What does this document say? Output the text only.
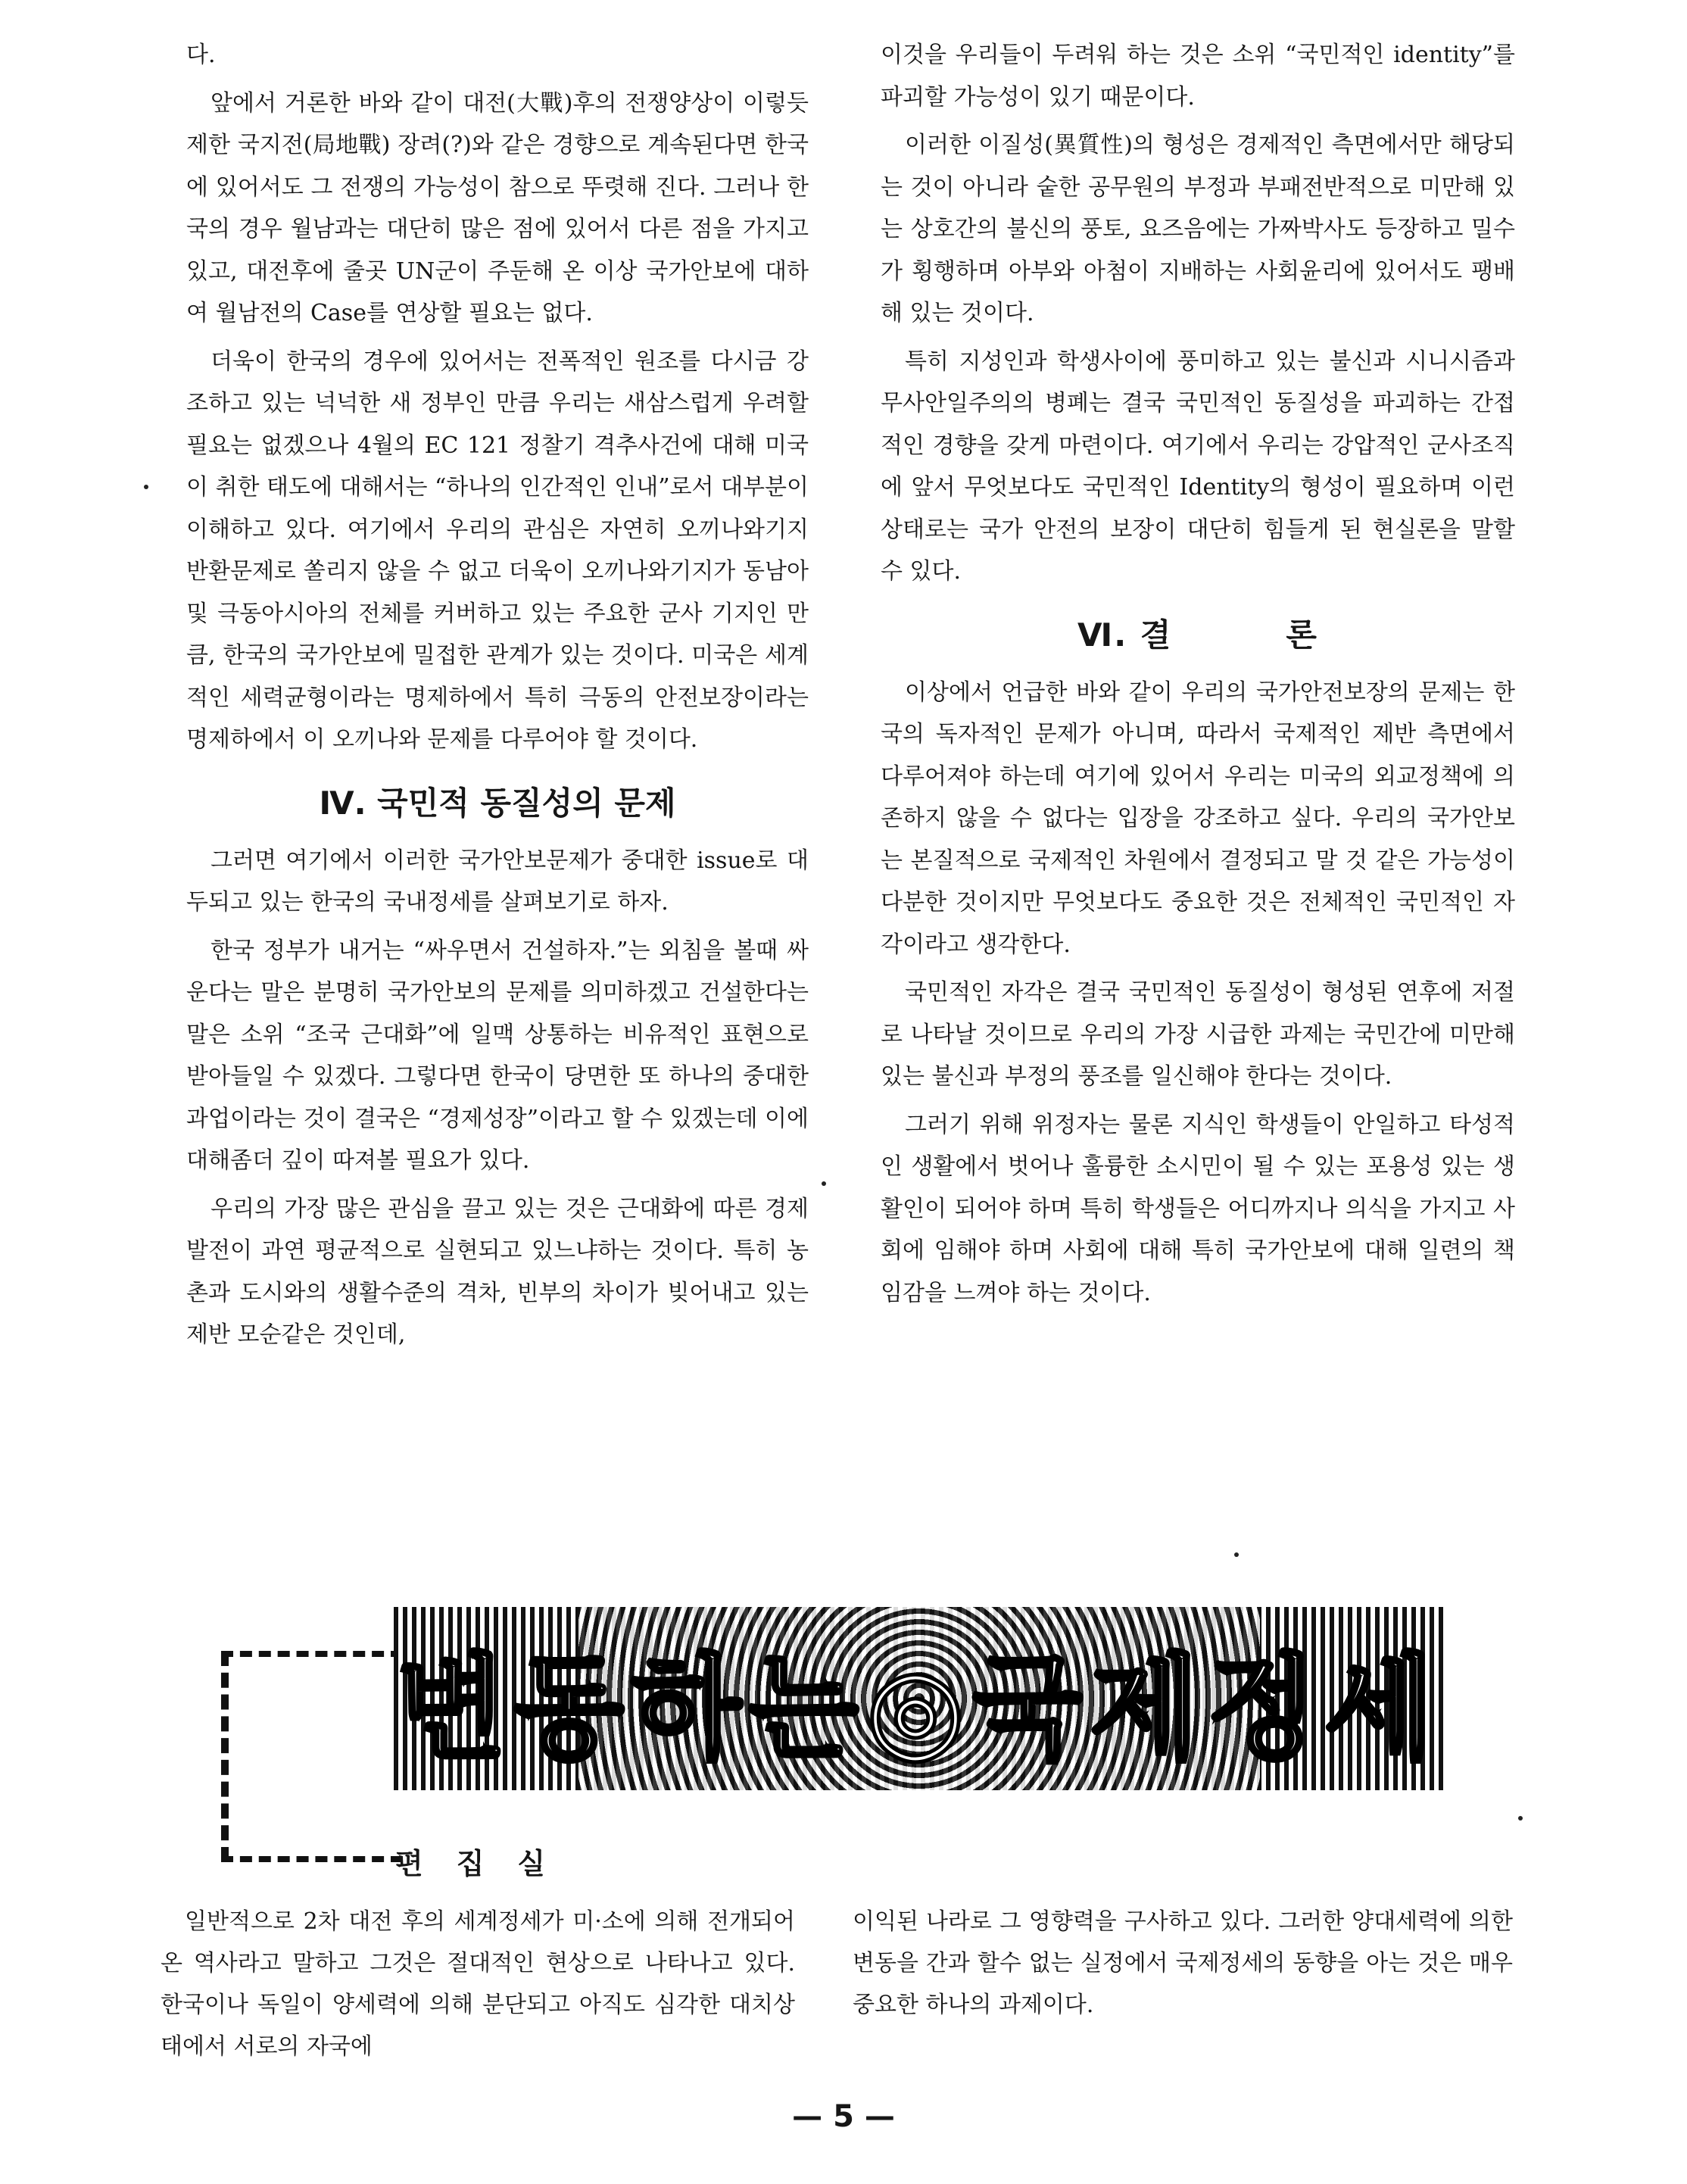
다.

앞에서 거론한 바와 같이 대전(大戰)후의 전쟁양상이 이렇듯 제한 국지전(局地戰) 장려(?)와 같은 경향으로 계속된다면 한국에 있어서도 그 전쟁의 가능성이 참으로 뚜렷해 진다. 그러나 한국의 경우 월남과는 대단히 많은 점에 있어서 다른 점을 가지고 있고, 대전후에 줄곳 UN군이 주둔해 온 이상 국가안보에 대하여 월남전의 Case를 연상할 필요는 없다.

더욱이 한국의 경우에 있어서는 전폭적인 원조를 다시금 강조하고 있는 넉넉한 새 정부인 만큼 우리는 새삼스럽게 우려할 필요는 없겠으나 4월의 EC 121 정찰기 격추사건에 대해 미국이 취한 태도에 대해서는 “하나의 인간적인 인내”로서 대부분이 이해하고 있다. 여기에서 우리의 관심은 자연히 오끼나와기지 반환문제로 쏠리지 않을 수 없고 더욱이 오끼나와기지가 동남아및 극동아시아의 전체를 커버하고 있는 주요한 군사 기지인 만큼, 한국의 국가안보에 밀접한 관계가 있는 것이다. 미국은 세계적인 세력균형이라는 명제하에서 특히 극동의 안전보장이라는 명제하에서 이 오끼나와 문제를 다루어야 할 것이다.

Ⅳ. 국민적 동질성의 문제

그러면 여기에서 이러한 국가안보문제가 중대한 issue로 대두되고 있는 한국의 국내정세를 살펴보기로 하자.

한국 정부가 내거는 “싸우면서 건설하자.”는 외침을 볼때 싸운다는 말은 분명히 국가안보의 문제를 의미하겠고 건설한다는 말은 소위 “조국 근대화”에 일맥 상통하는 비유적인 표현으로 받아들일 수 있겠다. 그렇다면 한국이 당면한 또 하나의 중대한 과업이라는 것이 결국은 “경제성장”이라고 할 수 있겠는데 이에 대해좀더 깊이 따져볼 필요가 있다.

우리의 가장 많은 관심을 끌고 있는 것은 근대화에 따른 경제발전이 과연 평균적으로 실현되고 있느냐하는 것이다. 특히 농촌과 도시와의 생활수준의 격차, 빈부의 차이가 빚어내고 있는 제반 모순같은 것인데,

이것을 우리들이 두려워 하는 것은 소위 “국민적인 identity”를 파괴할 가능성이 있기 때문이다.

이러한 이질성(異質性)의 형성은 경제적인 측면에서만 해당되는 것이 아니라 숱한 공무원의 부정과 부패전반적으로 미만해 있는 상호간의 불신의 풍토, 요즈음에는 가짜박사도 등장하고 밀수가 횡행하며 아부와 아첨이 지배하는 사회윤리에 있어서도 팽배해 있는 것이다.

특히 지성인과 학생사이에 풍미하고 있는 불신과 시니시즘과 무사안일주의의 병폐는 결국 국민적인 동질성을 파괴하는 간접적인 경향을 갖게 마련이다. 여기에서 우리는 강압적인 군사조직에 앞서 무엇보다도 국민적인 Identity의 형성이 필요하며 이런 상태로는 국가 안전의 보장이 대단히 힘들게 된 현실론을 말할 수 있다.

Ⅵ. 결	론

이상에서 언급한 바와 같이 우리의 국가안전보장의 문제는 한국의 독자적인 문제가 아니며, 따라서 국제적인 제반 측면에서 다루어져야 하는데 여기에 있어서 우리는 미국의 외교정책에 의존하지 않을 수 없다는 입장을 강조하고 싶다. 우리의 국가안보는 본질적으로 국제적인 차원에서 결정되고 말 것 같은 가능성이 다분한 것이지만 무엇보다도 중요한 것은 전체적인 국민적인 자각이라고 생각한다.

국민적인 자각은 결국 국민적인 동질성이 형성된 연후에 저절로 나타날 것이므로 우리의 가장 시급한 과제는 국민간에 미만해 있는 불신과 부정의 풍조를 일신해야 한다는 것이다.

그러기 위해 위정자는 물론 지식인 학생들이 안일하고 타성적인 생활에서 벗어나 훌륭한 소시민이 될 수 있는 포용성 있는 생활인이 되어야 하며 특히 학생들은 어디까지나 의식을 가지고 사회에 임해야 하며 사회에 대해 특히 국가안보에 대해 일련의 책임감을 느껴야 하는 것이다.

변동하는◎국제정세
편집실

일반적으로 2차 대전 후의 세계정세가 미·소에 의해 전개되어온 역사라고 말하고 그것은 절대적인 현상으로 나타나고 있다. 한국이나 독일이 양세력에 의해 분단되고 아직도 심각한 대치상태에서 서로의 자국에

이익된 나라로 그 영향력을 구사하고 있다. 그러한 양대세력에 의한 변동을 간과 할수 없는 실정에서 국제정세의 동향을 아는 것은 매우 중요한 하나의 과제이다.

— 5 —
